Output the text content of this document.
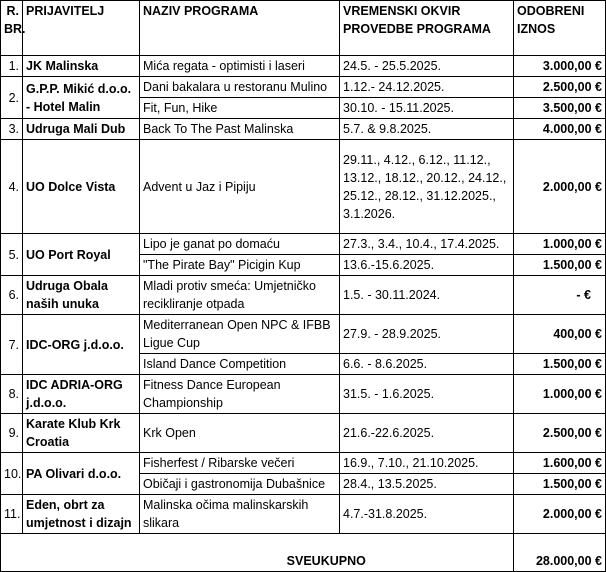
R. BR.	PRIJAVITELJ	NAZIV PROGRAMA	VREMENSKI OKVIR PROVEDBE PROGRAMA	ODOBRENI IZNOS
1.	JK Malinska	Mića regata - optimisti i laseri	24.5. - 25.5.2025.	3.000,00 €
2.	G.P.P. Mikić d.o.o. - Hotel Malin	Dani bakalara u restoranu Mulino	1.12.- 24.12.2025.	2.500,00 €
		Fit, Fun, Hike	30.10. - 15.11.2025.	3.500,00 €
3.	Udruga Mali Dub	Back To The Past Malinska	5.7. & 9.8.2025.	4.000,00 €
4.	UO Dolce Vista	Advent u Jaz i Pipiju	29.11., 4.12., 6.12., 11.12., 13.12., 18.12., 20.12., 24.12., 25.12., 28.12., 31.12.2025., 3.1.2026.	2.000,00 €
5.	UO Port Royal	Lipo je ganat po domaću	27.3., 3.4., 10.4., 17.4.2025.	1.000,00 €
		"The Pirate Bay" Picigin Kup	13.6.-15.6.2025.	1.500,00 €
6.	Udruga Obala naših unuka	Mladi protiv smeća: Umjetničko recikliranje otpada	1.5. - 30.11.2024.	- €
7.	IDC-ORG j.d.o.o.	Mediterranean Open NPC & IFBB Ligue Cup	27.9. - 28.9.2025.	400,00 €
		Island Dance Competition	6.6. - 8.6.2025.	1.500,00 €
8.	IDC ADRIA-ORG j.d.o.o.	Fitness Dance European Championship	31.5. - 1.6.2025.	1.000,00 €
9.	Karate Klub Krk Croatia	Krk Open	21.6.-22.6.2025.	2.500,00 €
10.	PA Olivari d.o.o.	Fisherfest / Ribarske večeri	16.9., 7.10., 21.10.2025.	1.600,00 €
		Običaji i gastronomija Dubašnice	28.4., 13.5.2025.	1.500,00 €
11.	Eden, obrt za umjetnost i dizajn	Malinska očima malinskarskih slikara	4.7.-31.8.2025.	2.000,00 €
		SVEUKUPNO		28.000,00 €
